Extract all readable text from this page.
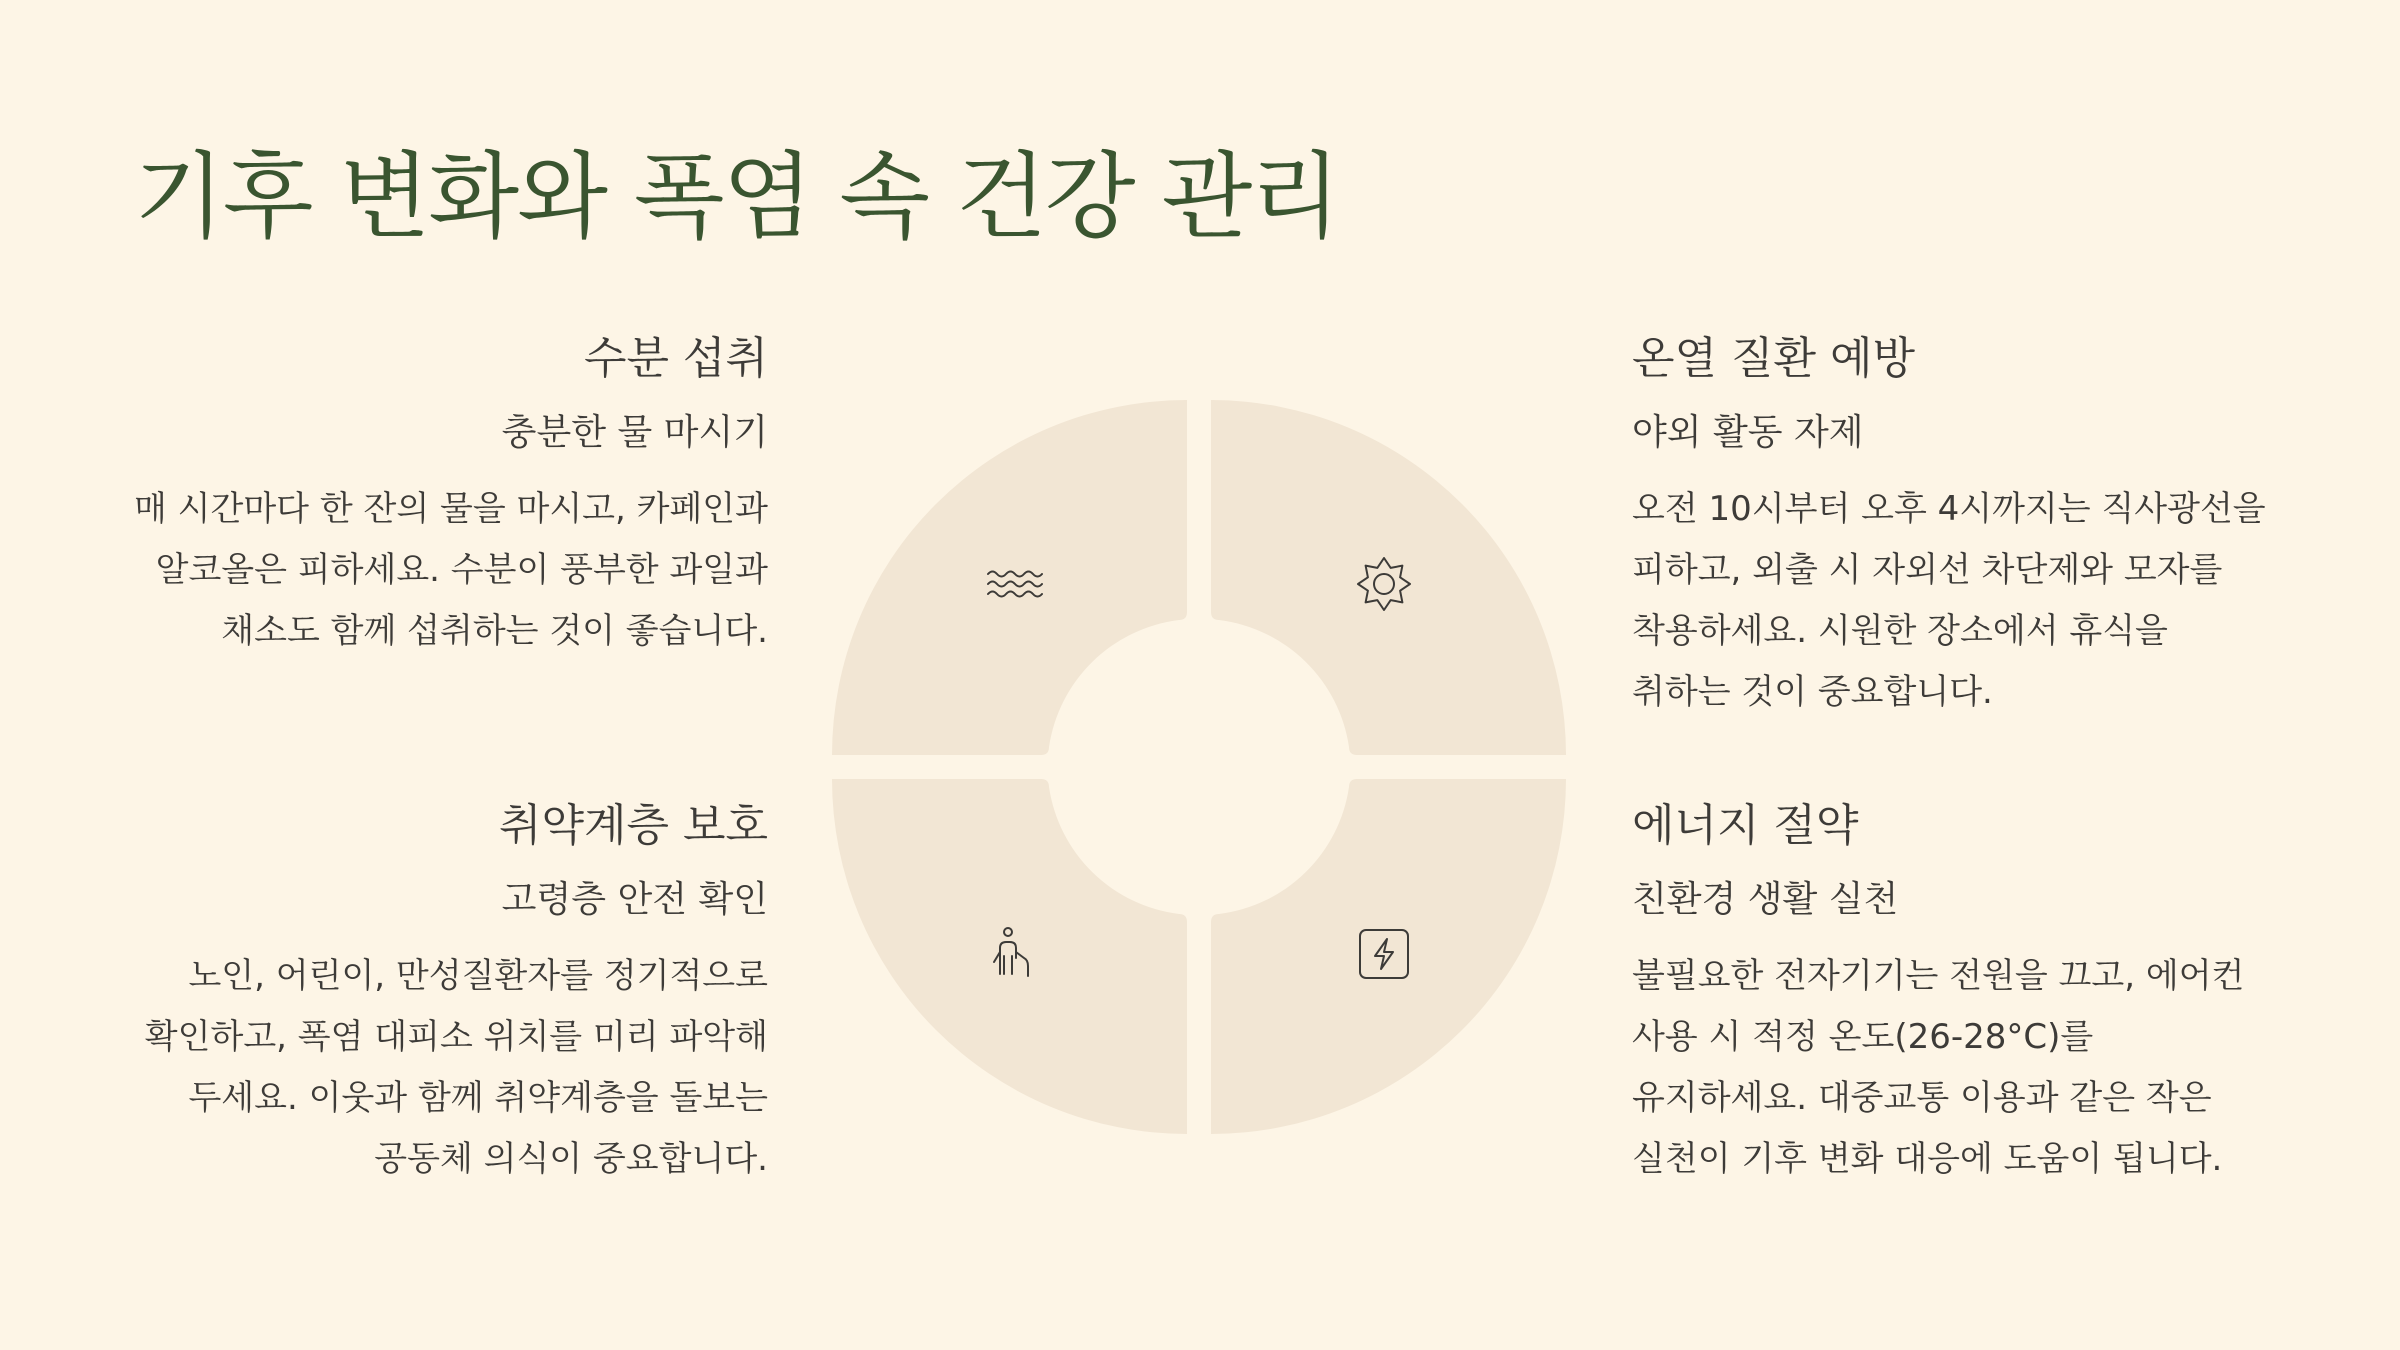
기후 변화와 폭염 속 건강 관리
수분 섭취
충분한 물 마시기
매 시간마다 한 잔의 물을 마시고, 카페인과 알코올은 피하세요. 수분이 풍부한 과일과 채소도 함께 섭취하는 것이 좋습니다.
온열 질환 예방
야외 활동 자제
오전 10시부터 오후 4시까지는 직사광선을 피하고, 외출 시 자외선 차단제와 모자를 착용하세요. 시원한 장소에서 휴식을 취하는 것이 중요합니다.
취약계층 보호
고령층 안전 확인
노인, 어린이, 만성질환자를 정기적으로 확인하고, 폭염 대피소 위치를 미리 파악해 두세요. 이웃과 함께 취약계층을 돌보는 공동체 의식이 중요합니다.
에너지 절약
친환경 생활 실천
불필요한 전자기기는 전원을 끄고, 에어컨 사용 시 적정 온도(26-28°C)를 유지하세요. 대중교통 이용과 같은 작은 실천이 기후 변화 대응에 도움이 됩니다.
